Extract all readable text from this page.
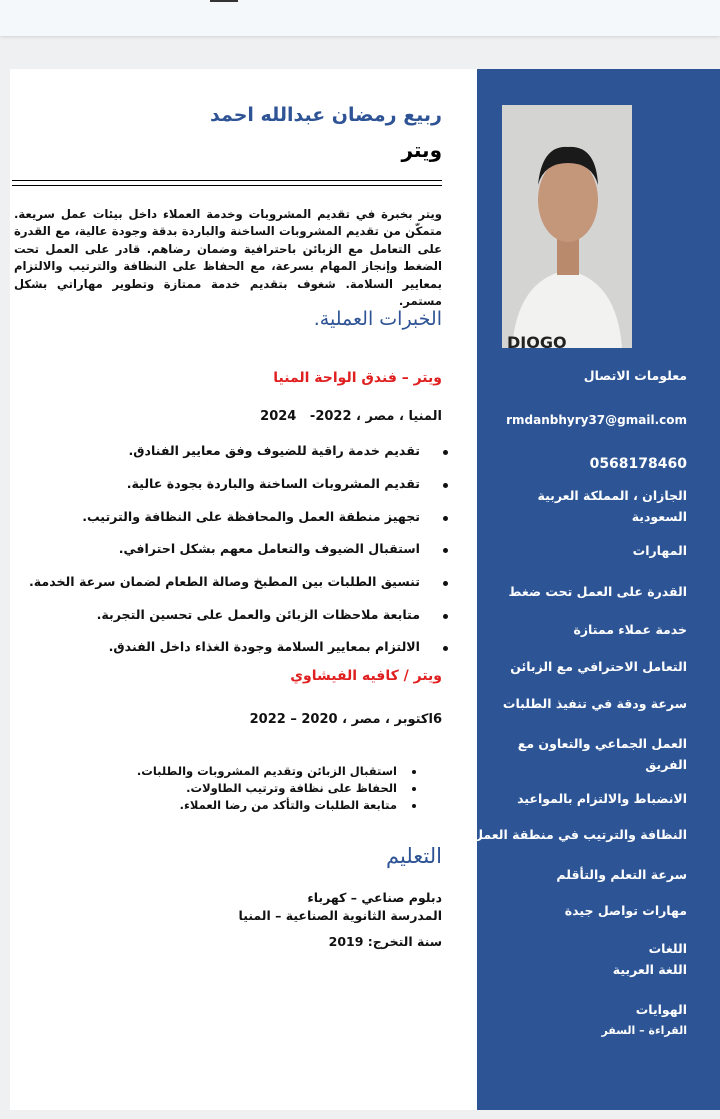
DIOGO
ربيع رمضان عبدالله احمد
ويتر
ويتر بخبرة في تقديم المشروبات وخدمة العملاء داخل بيئات عمل سريعة. متمكّن من تقديم المشروبات الساخنة والباردة بدقة وجودة عالية، مع القدرة على التعامل مع الزبائن باحترافية وضمان رضاهم. قادر على العمل تحت الضغط وإنجاز المهام بسرعة، مع الحفاظ على النظافة والترتيب والالتزام بمعايير السلامة. شغوف بتقديم خدمة ممتازة وتطوير مهاراتي بشكل مستمر.
الخبرات العملية.
ويتر – فندق الواحة المنيا
المنيا ، مصر ، 2022-   2024
تقديم خدمة راقية للضيوف وفق معايير الفنادق.
تقديم المشروبات الساخنة والباردة بجودة عالية.
تجهيز منطقة العمل والمحافظة على النظافة والترتيب.
استقبال الضيوف والتعامل معهم بشكل احترافي.
تنسيق الطلبات بين المطبخ وصالة الطعام لضمان سرعة الخدمة.
متابعة ملاحظات الزبائن والعمل على تحسين التجربة.
الالتزام بمعايير السلامة وجودة الغذاء داخل الفندق.
ويتر / كافيه الفيشاوي
6اكتوبر ، مصر ، 2020 – 2022
استقبال الزبائن وتقديم المشروبات والطلبات.
الحفاظ على نظافة وترتيب الطاولات.
متابعة الطلبات والتأكد من رضا العملاء.
التعليم
دبلوم صناعي – كهرباء
المدرسة الثانوية الصناعية – المنيا
سنة التخرج: 2019
معلومات الاتصال
rmdanbhyry37@gmail.com
0568178460
الجازان ، المملكة العربية السعودية
المهارات
القدرة على العمل تحت ضغط
خدمة عملاء ممتازة
التعامل الاحترافي مع الزبائن
سرعة ودقة في تنفيذ الطلبات
العمل الجماعي والتعاون مع الفريق
الانضباط والالتزام بالمواعيد
النظافة والترتيب في منطقة العمل
سرعة التعلم والتأقلم
مهارات تواصل جيدة
اللغات
اللغة العربية
الهوايات
القراءة – السفر
